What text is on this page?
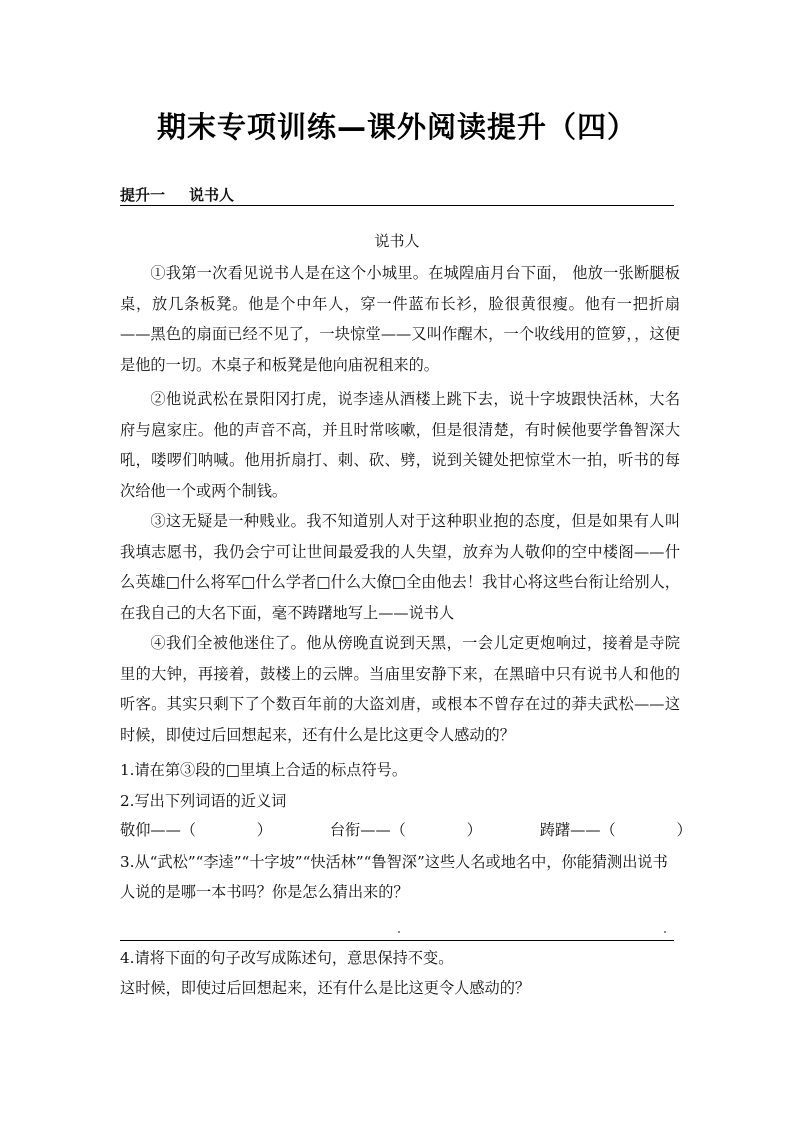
期末专项训练—课外阅读提升（四）
提升一 说书人
说书人

①我第一次看见说书人是在这个小城里。在城隍庙月台下面， 他放一张断腿板桌，放几条板凳。他是个中年人，穿一件蓝布长衫，脸很黄很瘦。他有一把折扇——黑色的扇面已经不见了，一块惊堂——又叫作醒木，一个收线用的笸箩，，这便是他的一切。木桌子和板凳是他向庙祝租来的。

②他说武松在景阳冈打虎，说李逵从酒楼上跳下去，说十字坡跟快活林，大名府与扈家庄。他的声音不高，并且时常咳嗽，但是很清楚，有时候他要学鲁智深大吼，喽啰们呐喊。他用折扇打、刺、砍、劈，说到关键处把惊堂木一拍，听书的每次给他一个或两个制钱。

③这无疑是一种贱业。我不知道别人对于这种职业抱的态度，但是如果有人叫我填志愿书，我仍会宁可让世间最爱我的人失望，放弃为人敬仰的空中楼阁——什么英雄□什么将军□什么学者□什么大僚□全由他去！我甘心将这些台衔让给别人，在我自己的大名下面，毫不踌躇地写上——说书人

④我们全被他迷住了。他从傍晚直说到天黑，一会儿定更炮响过，接着是寺院里的大钟，再接着，鼓楼上的云牌。当庙里安静下来，在黑暗中只有说书人和他的听客。其实只剩下了个数百年前的大盗刘唐，或根本不曾存在过的莽夫武松——这时候，即使过后回想起来，还有什么是比这更令人感动的？

1.请在第③段的□里填上合适的标点符号。

2.写出下列词语的近义词

敬仰——（　　　　）	台衔——（　　　　）	踌躇——（　　　　）

3.从“武松”“李逵”“十字坡”“快活林”“鲁智深”这些人名或地名中，你能猜测出说书人说的是哪一本书吗？你是怎么猜出来的？

4.请将下面的句子改写成陈述句，意思保持不变。

这时候，即使过后回想起来，还有什么是比这更令人感动的？
